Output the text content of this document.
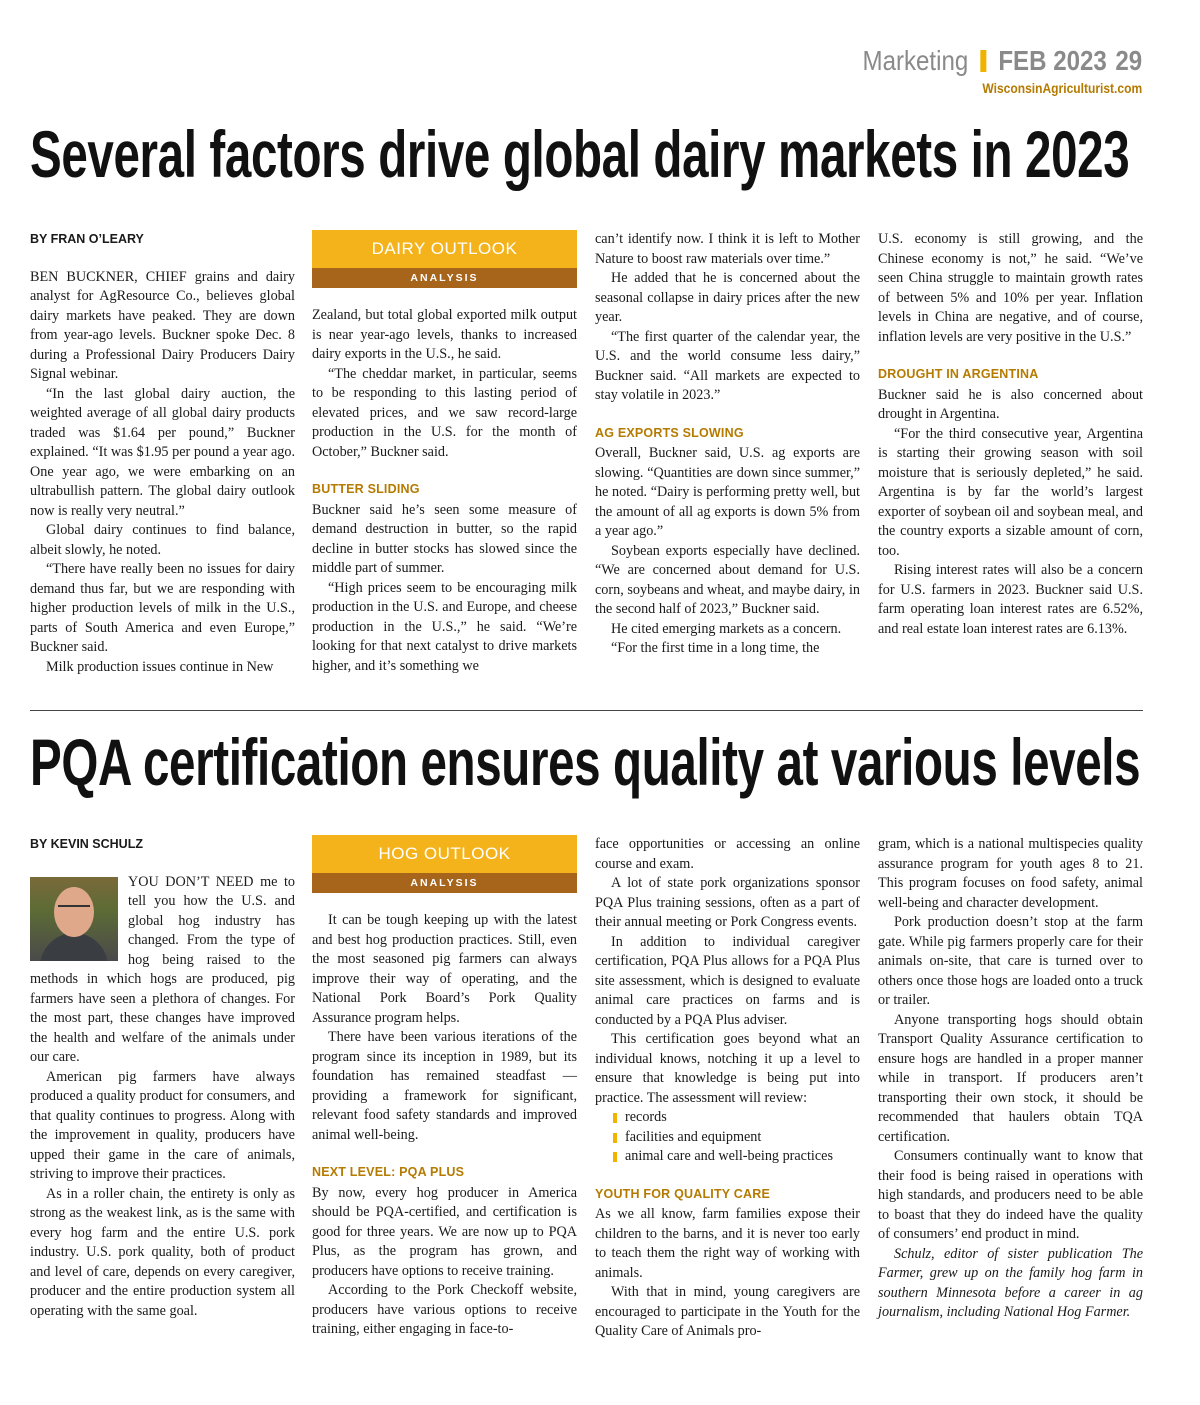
Marketing FEB 2023 29
WisconsinAgriculturist.com
Several factors drive global dairy markets in 2023
BY FRAN O’LEARY

BEN BUCKNER, CHIEF grains and dairy analyst for AgResource Co., believes global dairy markets have peaked. They are down from year-ago levels. Buckner spoke Dec. 8 during a Professional Dairy Producers Dairy Signal webinar.

“In the last global dairy auction, the weighted average of all global dairy products traded was $1.64 per pound,” Buckner explained. “It was $1.95 per pound a year ago. One year ago, we were embarking on an ultrabullish pattern. The global dairy outlook now is really very neutral.”

Global dairy continues to find balance, albeit slowly, he noted.

“There have really been no issues for dairy demand thus far, but we are responding with higher production levels of milk in the U.S., parts of South America and even Europe,” Buckner said.

Milk production issues continue in New

DAIRY OUTLOOK
ANALYSIS

Zealand, but total global exported milk output is near year-ago levels, thanks to increased dairy exports in the U.S., he said.

“The cheddar market, in particular, seems to be responding to this lasting period of elevated prices, and we saw record-large production in the U.S. for the month of October,” Buckner said.

BUTTER SLIDING

Buckner said he’s seen some measure of demand destruction in butter, so the rapid decline in butter stocks has slowed since the middle part of summer.

“High prices seem to be encouraging milk production in the U.S. and Europe, and cheese production in the U.S.,” he said. “We’re looking for that next catalyst to drive markets higher, and it’s something we

can’t identify now. I think it is left to Mother Nature to boost raw materials over time.”

He added that he is concerned about the seasonal collapse in dairy prices after the new year.

“The first quarter of the calendar year, the U.S. and the world consume less dairy,” Buckner said. “All markets are expected to stay volatile in 2023.”

AG EXPORTS SLOWING

Overall, Buckner said, U.S. ag exports are slowing. “Quantities are down since summer,” he noted. “Dairy is performing pretty well, but the amount of all ag exports is down 5% from a year ago.”

Soybean exports especially have declined. “We are concerned about demand for U.S. corn, soybeans and wheat, and maybe dairy, in the second half of 2023,” Buckner said.

He cited emerging markets as a concern.

“For the first time in a long time, the

U.S. economy is still growing, and the Chinese economy is not,” he said. “We’ve seen China struggle to maintain growth rates of between 5% and 10% per year. Inflation levels in China are negative, and of course, inflation levels are very positive in the U.S.”

DROUGHT IN ARGENTINA

Buckner said he is also concerned about drought in Argentina.

“For the third consecutive year, Argentina is starting their growing season with soil moisture that is seriously depleted,” he said. Argentina is by far the world’s largest exporter of soybean oil and soybean meal, and the country exports a sizable amount of corn, too.

Rising interest rates will also be a concern for U.S. farmers in 2023. Buckner said U.S. farm operating loan interest rates are 6.52%, and real estate loan interest rates are 6.13%.

PQA certification ensures quality at various levels
BY KEVIN SCHULZ

YOU DON’T NEED me to tell you how the U.S. and global hog industry has changed. From the type of hog being raised to the methods in which hogs are produced, pig farmers have seen a plethora of changes. For the most part, these changes have improved the health and welfare of the animals under our care.

American pig farmers have always produced a quality product for consumers, and that quality continues to progress. Along with the improvement in quality, producers have upped their game in the care of animals, striving to improve their practices.

As in a roller chain, the entirety is only as strong as the weakest link, as is the same with every hog farm and the entire U.S. pork industry. U.S. pork quality, both of product and level of care, depends on every caregiver, producer and the entire production system all operating with the same goal.

HOG OUTLOOK
ANALYSIS

It can be tough keeping up with the latest and best hog production practices. Still, even the most seasoned pig farmers can always improve their way of operating, and the National Pork Board’s Pork Quality Assurance program helps.

There have been various iterations of the program since its inception in 1989, but its foundation has remained steadfast — providing a framework for significant, relevant food safety standards and improved animal well-being.

NEXT LEVEL: PQA PLUS

By now, every hog producer in America should be PQA-certified, and certification is good for three years. We are now up to PQA Plus, as the program has grown, and producers have options to receive training.

According to the Pork Checkoff website, producers have various options to receive training, either engaging in face-to-

face opportunities or accessing an online course and exam.

A lot of state pork organizations sponsor PQA Plus training sessions, often as a part of their annual meeting or Pork Congress events.

In addition to individual caregiver certification, PQA Plus allows for a PQA Plus site assessment, which is designed to evaluate animal care practices on farms and is conducted by a PQA Plus adviser.

This certification goes beyond what an individual knows, notching it up a level to ensure that knowledge is being put into practice. The assessment will review:

records
facilities and equipment
animal care and well-being practices
YOUTH FOR QUALITY CARE

As we all know, farm families expose their children to the barns, and it is never too early to teach them the right way of working with animals.

With that in mind, young caregivers are encouraged to participate in the Youth for the Quality Care of Animals pro-

gram, which is a national multispecies quality assurance program for youth ages 8 to 21. This program focuses on food safety, animal well-being and character development.

Pork production doesn’t stop at the farm gate. While pig farmers properly care for their animals on-site, that care is turned over to others once those hogs are loaded onto a truck or trailer.

Anyone transporting hogs should obtain Transport Quality Assurance certification to ensure hogs are handled in a proper manner while in transport. If producers aren’t transporting their own stock, it should be recommended that haulers obtain TQA certification.

Consumers continually want to know that their food is being raised in operations with high standards, and producers need to be able to boast that they do indeed have the quality of consumers’ end product in mind.

Schulz, editor of sister publication The Farmer, grew up on the family hog farm in southern Minnesota before a career in ag journalism, including National Hog Farmer.
